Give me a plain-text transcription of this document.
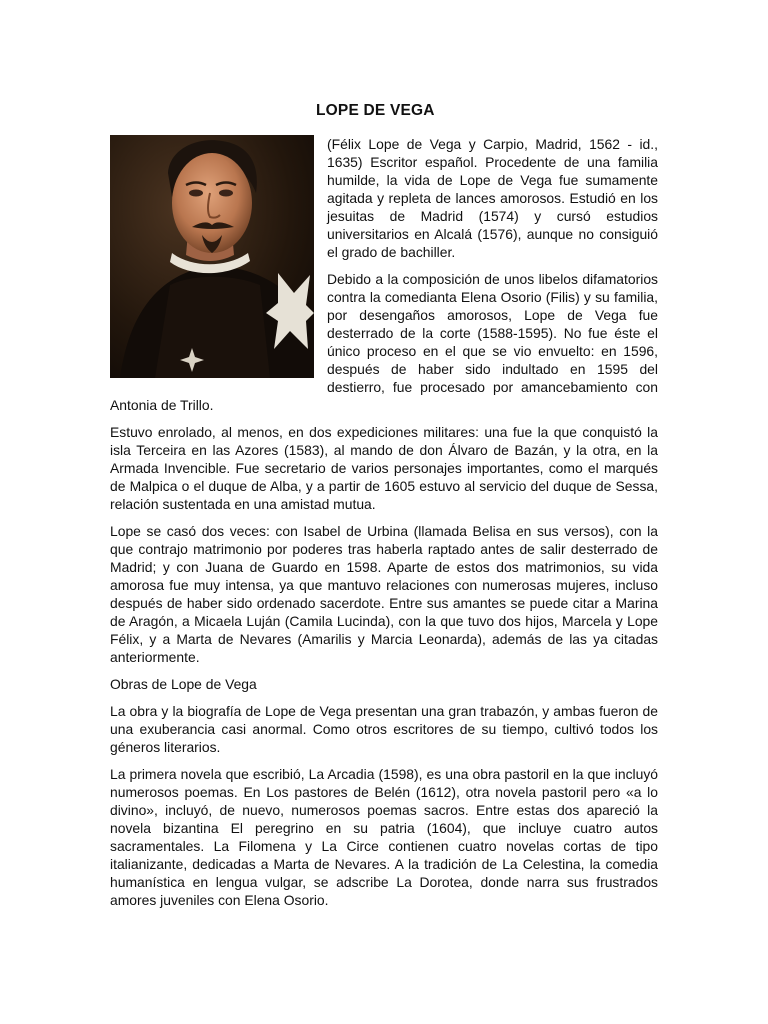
LOPE DE VEGA

(Félix Lope de Vega y Carpio, Madrid, 1562 - id., 1635) Escritor español. Procedente de una familia humilde, la vida de Lope de Vega fue sumamente agitada y repleta de lances amorosos. Estudió en los jesuitas de Madrid (1574) y cursó estudios universitarios en Alcalá (1576), aunque no consiguió el grado de bachiller.

Debido a la composición de unos libelos difamatorios contra la comedianta Elena Osorio (Filis) y su familia, por desengaños amorosos, Lope de Vega fue desterrado de la corte (1588-1595). No fue éste el único proceso en el que se vio envuelto: en 1596, después de haber sido indultado en 1595 del destierro, fue procesado por amancebamiento con Antonia de Trillo.

Estuvo enrolado, al menos, en dos expediciones militares: una fue la que conquistó la isla Terceira en las Azores (1583), al mando de don Álvaro de Bazán, y la otra, en la Armada Invencible. Fue secretario de varios personajes importantes, como el marqués de Malpica o el duque de Alba, y a partir de 1605 estuvo al servicio del duque de Sessa, relación sustentada en una amistad mutua.

Lope se casó dos veces: con Isabel de Urbina (llamada Belisa en sus versos), con la que contrajo matrimonio por poderes tras haberla raptado antes de salir desterrado de Madrid; y con Juana de Guardo en 1598. Aparte de estos dos matrimonios, su vida amorosa fue muy intensa, ya que mantuvo relaciones con numerosas mujeres, incluso después de haber sido ordenado sacerdote. Entre sus amantes se puede citar a Marina de Aragón, a Micaela Luján (Camila Lucinda), con la que tuvo dos hijos, Marcela y Lope Félix, y a Marta de Nevares (Amarilis y Marcia Leonarda), además de las ya citadas anteriormente.

Obras de Lope de Vega

La obra y la biografía de Lope de Vega presentan una gran trabazón, y ambas fueron de una exuberancia casi anormal. Como otros escritores de su tiempo, cultivó todos los géneros literarios.

La primera novela que escribió, La Arcadia (1598), es una obra pastoril en la que incluyó numerosos poemas. En Los pastores de Belén (1612), otra novela pastoril pero «a lo divino», incluyó, de nuevo, numerosos poemas sacros. Entre estas dos apareció la novela bizantina El peregrino en su patria (1604), que incluye cuatro autos sacramentales. La Filomena y La Circe contienen cuatro novelas cortas de tipo italianizante, dedicadas a Marta de Nevares. A la tradición de La Celestina, la comedia humanística en lengua vulgar, se adscribe La Dorotea, donde narra sus frustrados amores juveniles con Elena Osorio.
